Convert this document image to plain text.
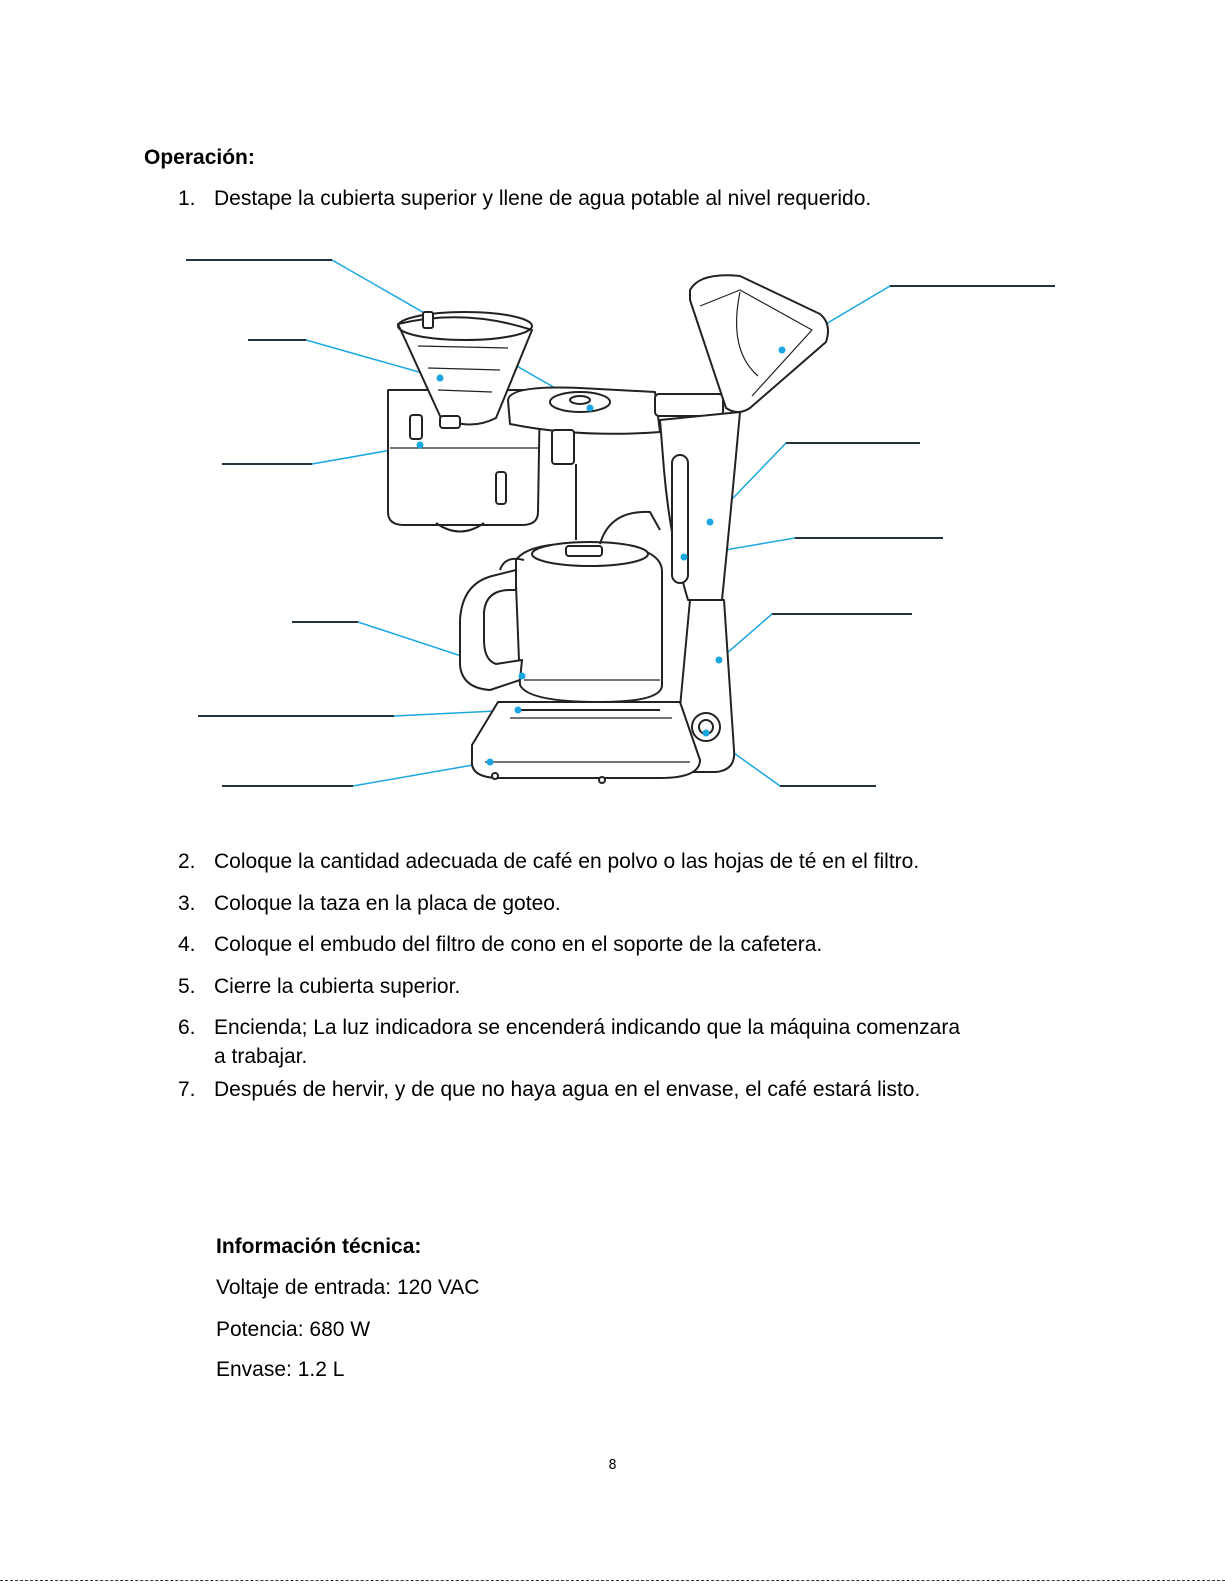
Operación:
1. Destape la cubierta superior y llene de agua potable al nivel requerido.
2. Coloque la cantidad adecuada de café en polvo o las hojas de té en el filtro.
3. Coloque la taza en la placa de goteo.
4. Coloque el embudo del filtro de cono en el soporte de la cafetera.
5. Cierre la cubierta superior.
6. Encienda; La luz indicadora se encenderá indicando que la máquina comenzara
a trabajar.
7. Después de hervir, y de que no haya agua en el envase, el café estará listo.
Información técnica:
Voltaje de entrada: 120 VAC
Potencia: 680 W
Envase: 1.2 L
8
